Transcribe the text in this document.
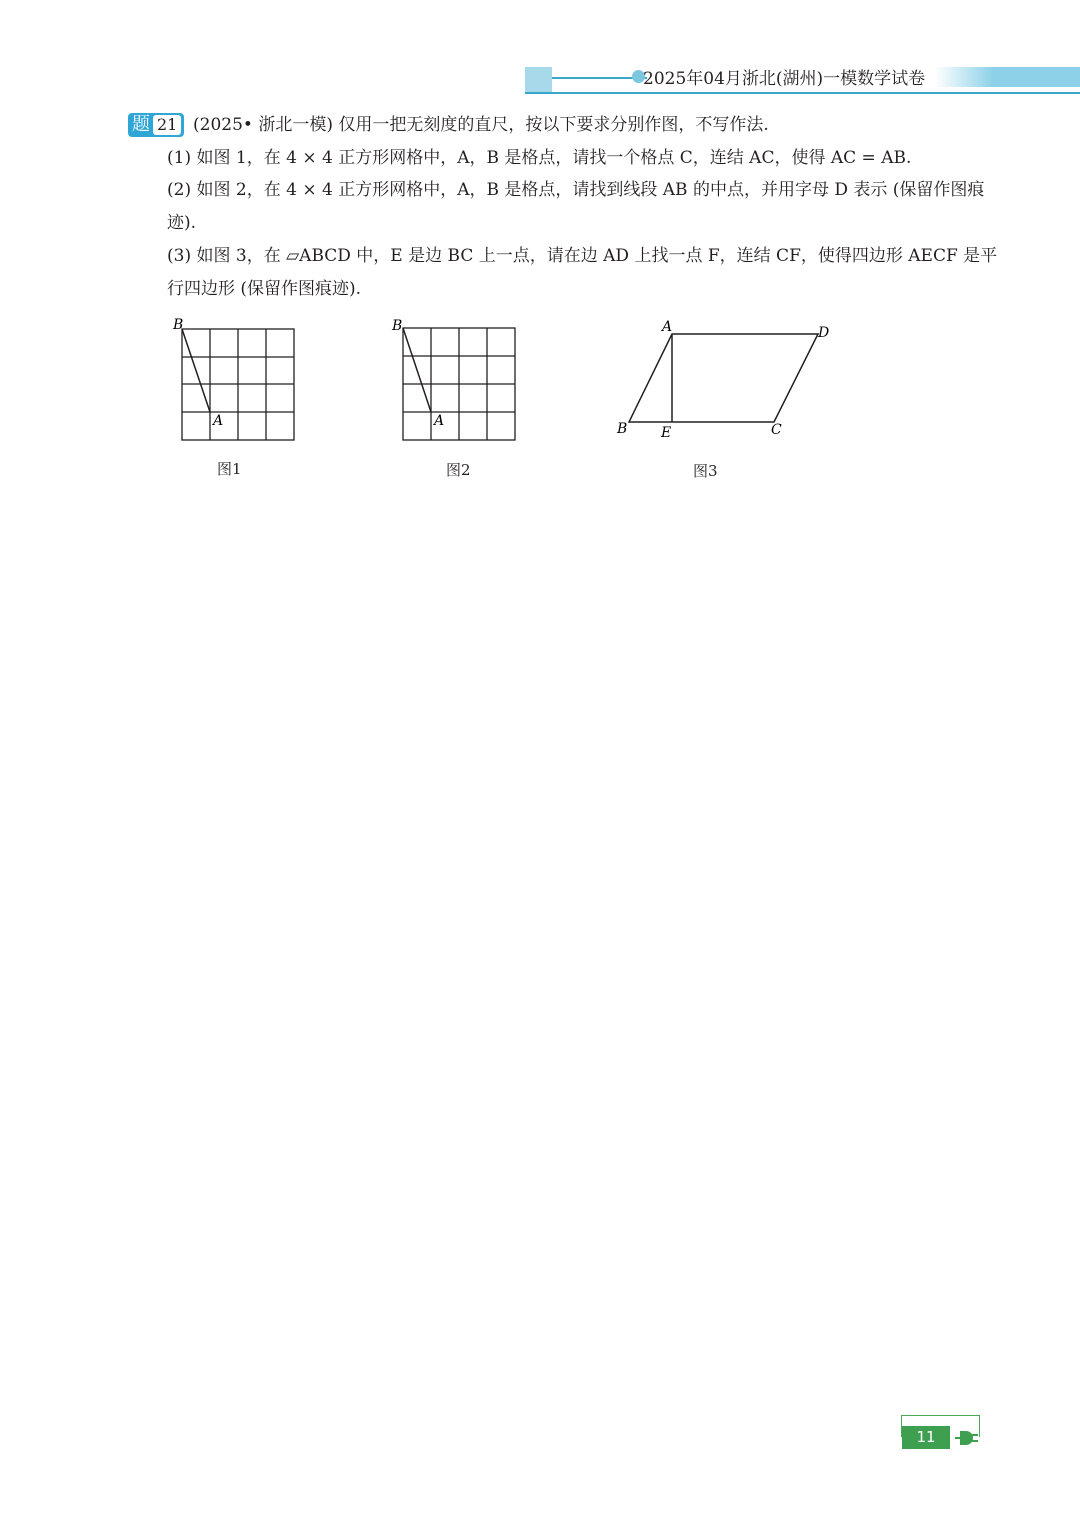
2025年04月浙北(湖州)一模数学试卷
题 21 (2025• 浙北一模) 仅用一把无刻度的直尺，按以下要求分别作图，不写作法.
(1) 如图 1，在 4 × 4 正方形网格中，A，B 是格点，请找一个格点 C，连结 AC，使得 AC = AB.
(2) 如图 2，在 4 × 4 正方形网格中，A，B 是格点，请找到线段 AB 的中点，并用字母 D 表示 (保留作图痕
迹).
(3) 如图 3，在 ▱ABCD 中，E 是边 BC 上一点，请在边 AD 上找一点 F，连结 CF，使得四边形 AECF 是平
行四边形 (保留作图痕迹).
B
A
图1
B
A
图2
A	D
B E	C
图3
11
